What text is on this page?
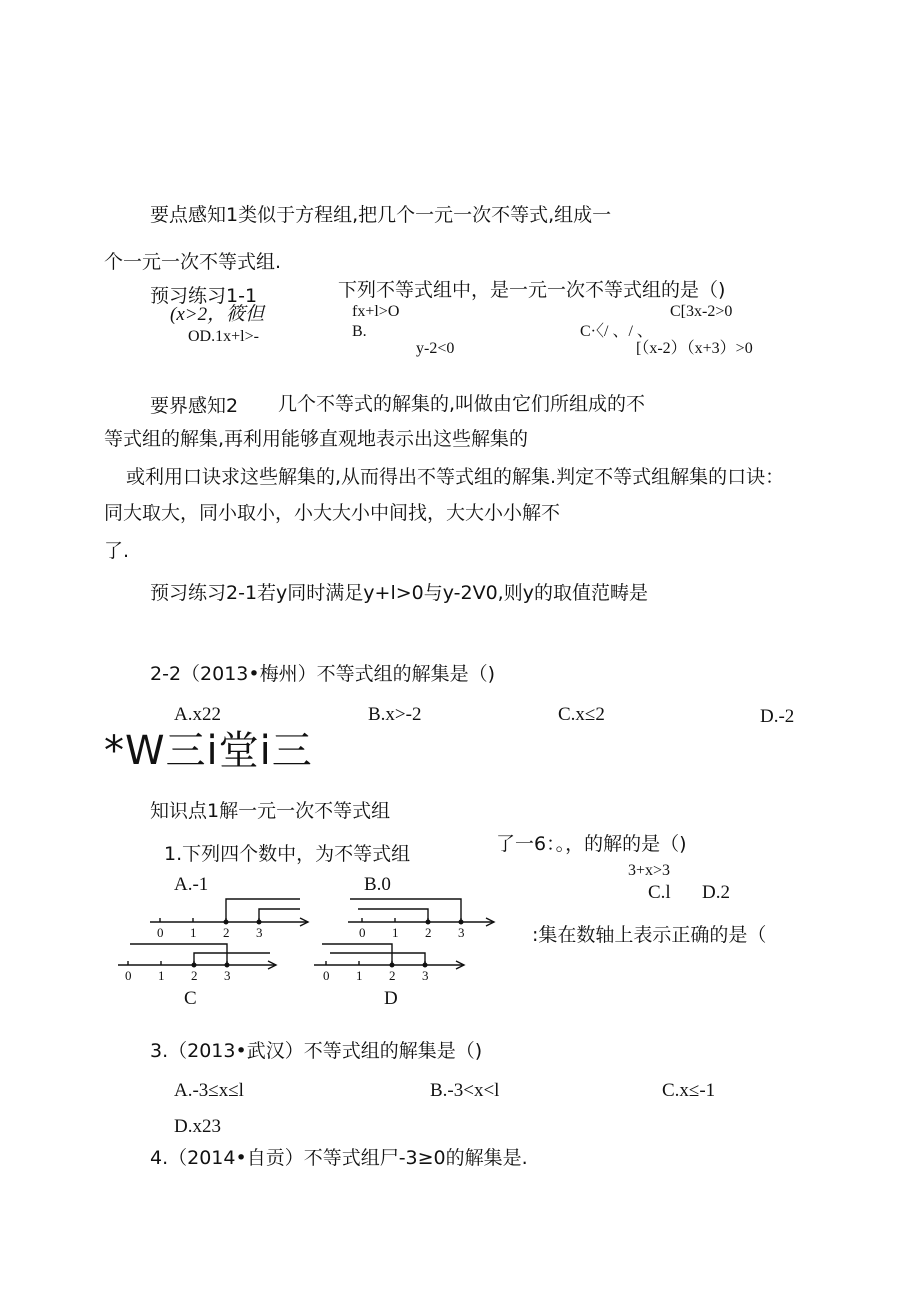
要点感知1类似于方程组,把几个一元一次不等式,组成一
个一元一次不等式组.
预习练习1-1	下列不等式组中，是一元一次不等式组的是（)
(x>2，筱但
OD.1x+l>-
fx+l>O
B.
y-2<0
C[3x-2>0
C·〈/ 、/ 、
[（x-2）（x+3）>0
要界感知2 几个不等式的解集的,叫做由它们所组成的不
等式组的解集,再利用能够直观地表示出这些解集的
或利用口诀求这些解集的,从而得出不等式组的解集.判定不等式组解集的口诀：
同大取大，同小取小，小大大小中间找，大大小小解不
了.
预习练习2-1若y同时满足y+l>0与y-2V0,则y的取值范畴是
2-2（2013•梅州）不等式组的解集是（)
A.x22	B.x>-2	C.x≤2	D.-2
*W三i堂i三
知识点1解一元一次不等式组
1.下列四个数中，为不等式组	了一6：。，的解的是（)
3+x>3
C.l D.2
:集在数轴上表示正确的是（
A.-1	B.0
C	D
0 1 2 3	0 1 2 3
0 1 2 3	0 1 2 3
3.（2013•武汉）不等式组的解集是（)
A.-3≤x≤l	B.-3<x<l	C.x≤-1
D.x23
4.（2014•自贡）不等式组尸-3≥0的解集是.
